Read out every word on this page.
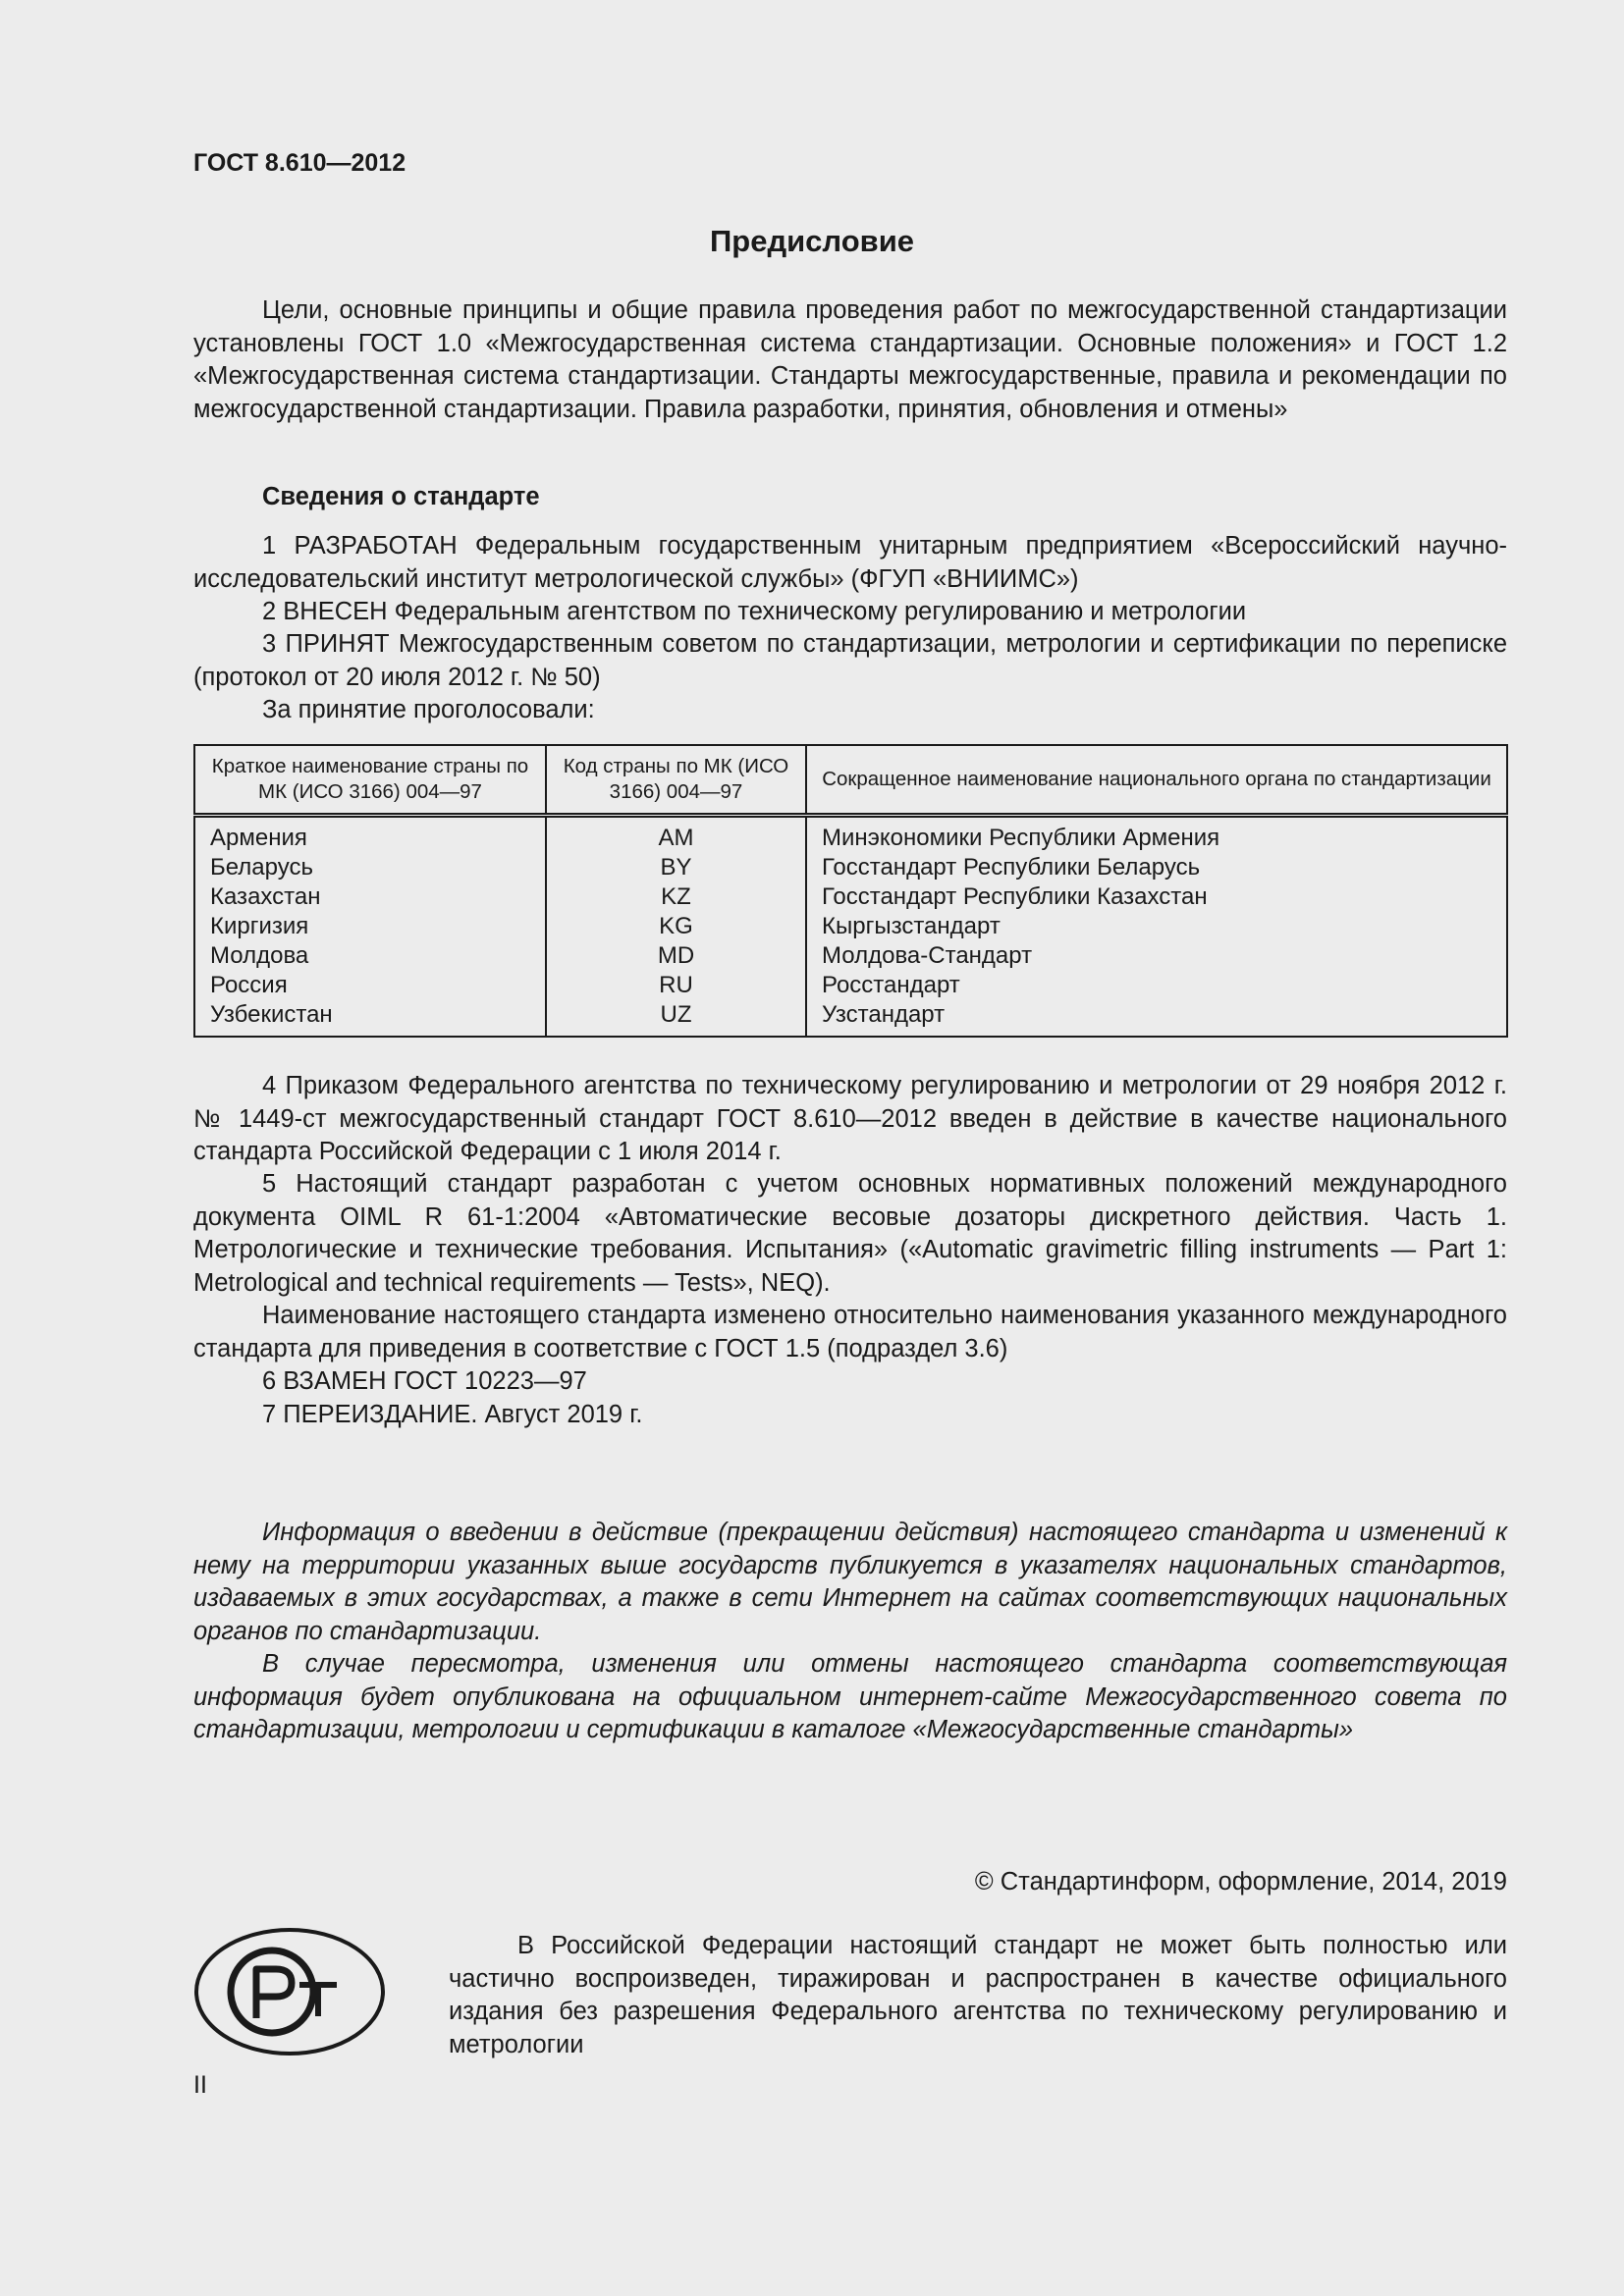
ГОСТ 8.610—2012
Предисловие

Цели, основные принципы и общие правила проведения работ по межгосударственной стандартизации установлены ГОСТ 1.0 «Межгосударственная система стандартизации. Основные положения» и ГОСТ 1.2 «Межгосударственная система стандартизации. Стандарты межгосударственные, правила и рекомендации по межгосударственной стандартизации. Правила разработки, принятия, обновления и отмены»

Сведения о стандарте

1 РАЗРАБОТАН Федеральным государственным унитарным предприятием «Всероссийский научно-исследовательский институт метрологической службы» (ФГУП «ВНИИМС»)

2 ВНЕСЕН Федеральным агентством по техническому регулированию и метрологии

3 ПРИНЯТ Межгосударственным советом по стандартизации, метрологии и сертификации по переписке (протокол от 20 июля 2012 г. № 50)

За принятие проголосовали:

Краткое наименование страны по МК (ИСО 3166) 004—97	Код страны по МК (ИСО 3166) 004—97	Сокращенное наименование национального органа по стандартизации
Армения	AM	Минэкономики Республики Армения
Беларусь	BY	Госстандарт Республики Беларусь
Казахстан	KZ	Госстандарт Республики Казахстан
Киргизия	KG	Кыргызстандарт
Молдова	MD	Молдова-Стандарт
Россия	RU	Росстандарт
Узбекистан	UZ	Узстандарт

4 Приказом Федерального агентства по техническому регулированию и метрологии от 29 ноября 2012 г. № 1449-ст межгосударственный стандарт ГОСТ 8.610—2012 введен в действие в качестве национального стандарта Российской Федерации с 1 июля 2014 г.

5 Настоящий стандарт разработан с учетом основных нормативных положений международного документа OIML R 61-1:2004 «Автоматические весовые дозаторы дискретного действия. Часть 1. Метрологические и технические требования. Испытания» («Automatic gravimetric filling instruments — Part 1: Metrological and technical requirements — Tests», NEQ).

Наименование настоящего стандарта изменено относительно наименования указанного международного стандарта для приведения в соответствие с ГОСТ 1.5 (подраздел 3.6)

6 ВЗАМЕН ГОСТ 10223—97

7 ПЕРЕИЗДАНИЕ. Август 2019 г.

Информация о введении в действие (прекращении действия) настоящего стандарта и изменений к нему на территории указанных выше государств публикуется в указателях национальных стандартов, издаваемых в этих государствах, а также в сети Интернет на сайтах соответствующих национальных органов по стандартизации.

В случае пересмотра, изменения или отмены настоящего стандарта соответствующая информация будет опубликована на официальном интернет-сайте Межгосударственного совета по стандартизации, метрологии и сертификации в каталоге «Межгосударственные стандарты»

© Стандартинформ, оформление, 2014, 2019

В Российской Федерации настоящий стандарт не может быть полностью или частично воспроизведен, тиражирован и распространен в качестве официального издания без разрешения Федерального агентства по техническому регулированию и метрологии

II
